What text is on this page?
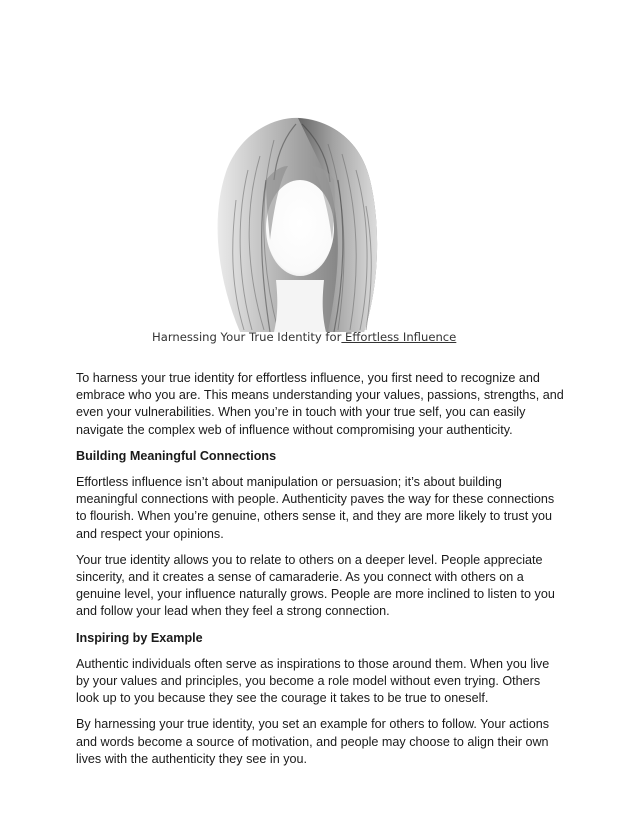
Harnessing Your True Identity for Effortless Influence

To harness your true identity for effortless influence, you first need to recognize and embrace who you are. This means understanding your values, passions, strengths, and even your vulnerabilities. When you’re in touch with your true self, you can easily navigate the complex web of influence without compromising your authenticity.

Building Meaningful Connections

Effortless influence isn’t about manipulation or persuasion; it’s about building meaningful connections with people. Authenticity paves the way for these connections to flourish. When you’re genuine, others sense it, and they are more likely to trust you and respect your opinions.

Your true identity allows you to relate to others on a deeper level. People appreciate sincerity, and it creates a sense of camaraderie. As you connect with others on a genuine level, your influence naturally grows. People are more inclined to listen to you and follow your lead when they feel a strong connection.

Inspiring by Example

Authentic individuals often serve as inspirations to those around them. When you live by your values and principles, you become a role model without even trying. Others look up to you because they see the courage it takes to be true to oneself.

By harnessing your true identity, you set an example for others to follow. Your actions and words become a source of motivation, and people may choose to align their own lives with the authenticity they see in you.
